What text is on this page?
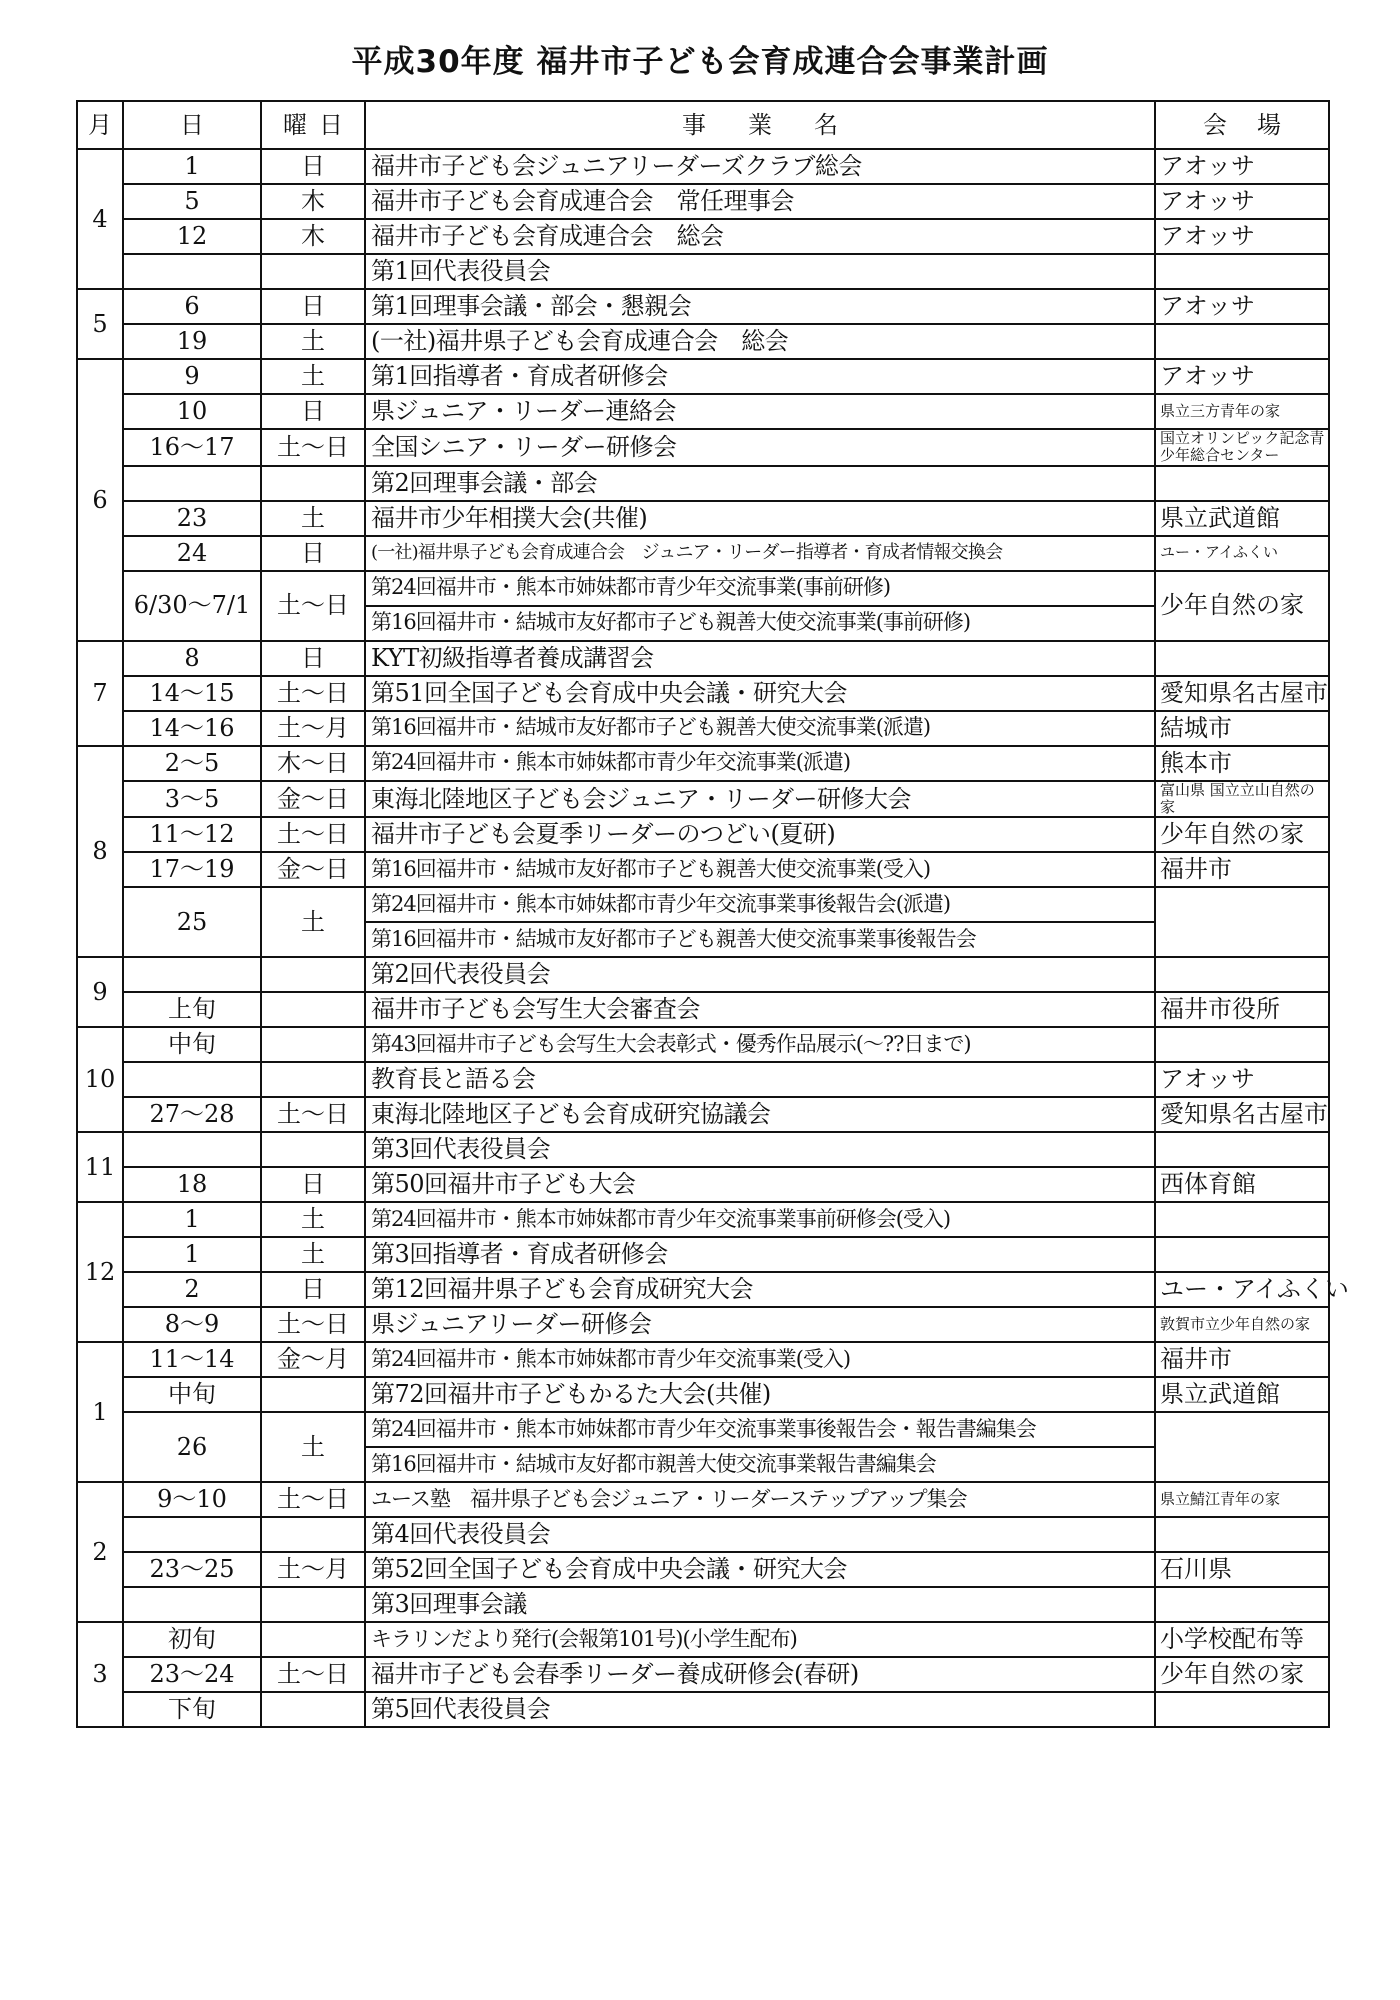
平成30年度 福井市子ども会育成連合会事業計画
月	日	曜日	事業名	会場
4	1	日	福井市子ども会ジュニアリーダーズクラブ総会	アオッサ
	5	木	福井市子ども会育成連合会　常任理事会	アオッサ
	12	木	福井市子ども会育成連合会　総会	アオッサ
			第1回代表役員会	
5	6	日	第1回理事会議・部会・懇親会	アオッサ
	19	土	(一社)福井県子ども会育成連合会　総会	
6	9	土	第1回指導者・育成者研修会	アオッサ
	10	日	県ジュニア・リーダー連絡会	県立三方青年の家
	16～17	土～日	全国シニア・リーダー研修会	国立オリンピック記念青少年総合センター
			第2回理事会議・部会	
	23	土	福井市少年相撲大会(共催)	県立武道館
	24	日	(一社)福井県子ども会育成連合会　ジュニア・リーダー指導者・育成者情報交換会	ユー・アイふくい
	6/30～7/1	土～日	第24回福井市・熊本市姉妹都市青少年交流事業(事前研修)	少年自然の家
			第16回福井市・結城市友好都市子ども親善大使交流事業(事前研修)	
7	8	日	KYT初級指導者養成講習会	
	14～15	土～日	第51回全国子ども会育成中央会議・研究大会	愛知県名古屋市
	14～16	土～月	第16回福井市・結城市友好都市子ども親善大使交流事業(派遣)	結城市
8	2～5	木～日	第24回福井市・熊本市姉妹都市青少年交流事業(派遣)	熊本市
	3～5	金～日	東海北陸地区子ども会ジュニア・リーダー研修大会	富山県 国立立山自然の家
	11～12	土～日	福井市子ども会夏季リーダーのつどい(夏研)	少年自然の家
	17～19	金～日	第16回福井市・結城市友好都市子ども親善大使交流事業(受入)	福井市
	25	土	第24回福井市・熊本市姉妹都市青少年交流事業事後報告会(派遣)	
			第16回福井市・結城市友好都市子ども親善大使交流事業事後報告会	
9			第2回代表役員会	
	上旬		福井市子ども会写生大会審査会	福井市役所
10	中旬		第43回福井市子ども会写生大会表彰式・優秀作品展示(～??日まで)	
			教育長と語る会	アオッサ
	27～28	土～日	東海北陸地区子ども会育成研究協議会	愛知県名古屋市
11			第3回代表役員会	
	18	日	第50回福井市子ども大会	西体育館
12	1	土	第24回福井市・熊本市姉妹都市青少年交流事業事前研修会(受入)	
	1	土	第3回指導者・育成者研修会	
	2	日	第12回福井県子ども会育成研究大会	ユー・アイふくい
	8～9	土～日	県ジュニアリーダー研修会	敦賀市立少年自然の家
1	11～14	金～月	第24回福井市・熊本市姉妹都市青少年交流事業(受入)	福井市
	中旬		第72回福井市子どもかるた大会(共催)	県立武道館
	26	土	第24回福井市・熊本市姉妹都市青少年交流事業事後報告会・報告書編集会	
			第16回福井市・結城市友好都市親善大使交流事業報告書編集会	
2	9～10	土～日	ユース塾　福井県子ども会ジュニア・リーダーステップアップ集会	県立鯖江青年の家
			第4回代表役員会	
	23～25	土～月	第52回全国子ども会育成中央会議・研究大会	石川県
			第3回理事会議	
3	初旬		キラリンだより発行(会報第101号)(小学生配布)	小学校配布等
	23～24	土～日	福井市子ども会春季リーダー養成研修会(春研)	少年自然の家
	下旬		第5回代表役員会	
